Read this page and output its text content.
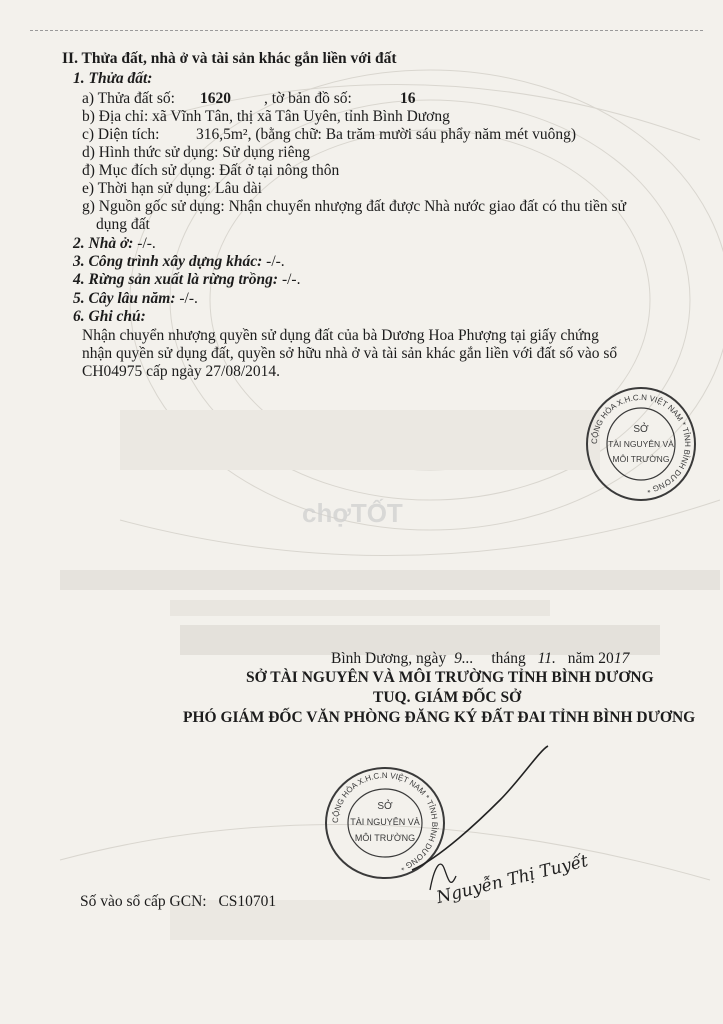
II. Thửa đất, nhà ở và tài sản khác gắn liền với đất
1. Thửa đất:
a) Thửa đất số: 1620 , tờ bản đồ số:	16
b) Địa chỉ: xã Vĩnh Tân, thị xã Tân Uyên, tỉnh Bình Dương
c) Diện tích: 316,5m², (bằng chữ: Ba trăm mười sáu phẩy năm mét vuông)
d) Hình thức sử dụng: Sử dụng riêng
đ) Mục đích sử dụng: Đất ở tại nông thôn
e) Thời hạn sử dụng: Lâu dài
g) Nguồn gốc sử dụng: Nhận chuyển nhượng đất được Nhà nước giao đất có thu tiền sử
dụng đất
2. Nhà ở: -/-.
3. Công trình xây dựng khác: -/-.
4. Rừng sản xuất là rừng trồng: -/-.
5. Cây lâu năm: -/-.
6. Ghi chú:
Nhận chuyển nhượng quyền sử dụng đất của bà Dương Hoa Phượng tại giấy chứng
nhận quyền sử dụng đất, quyền sở hữu nhà ở và tài sản khác gắn liền với đất số vào sổ
CH04975 cấp ngày 27/08/2014.
CỘNG HÒA X.H.C.N VIỆT NAM * TỈNH BÌNH DƯƠNG *
SỞ
TÀI NGUYÊN VÀ
MÔI TRƯỜNG
chợTỐT
Bình Dương, ngày 9... tháng 11. năm 2017
SỞ TÀI NGUYÊN VÀ MÔI TRƯỜNG TỈNH BÌNH DƯƠNG
TUQ. GIÁM ĐỐC SỞ
PHÓ GIÁM ĐỐC VĂN PHÒNG ĐĂNG KÝ ĐẤT ĐAI TỈNH BÌNH DƯƠNG
CỘNG HÒA X.H.C.N VIỆT NAM * TỈNH BÌNH DƯƠNG *
SỞ
TÀI NGUYÊN VÀ
MÔI TRƯỜNG
Nguyễn Thị Tuyết
Số vào sổ cấp GCN: CS10701
